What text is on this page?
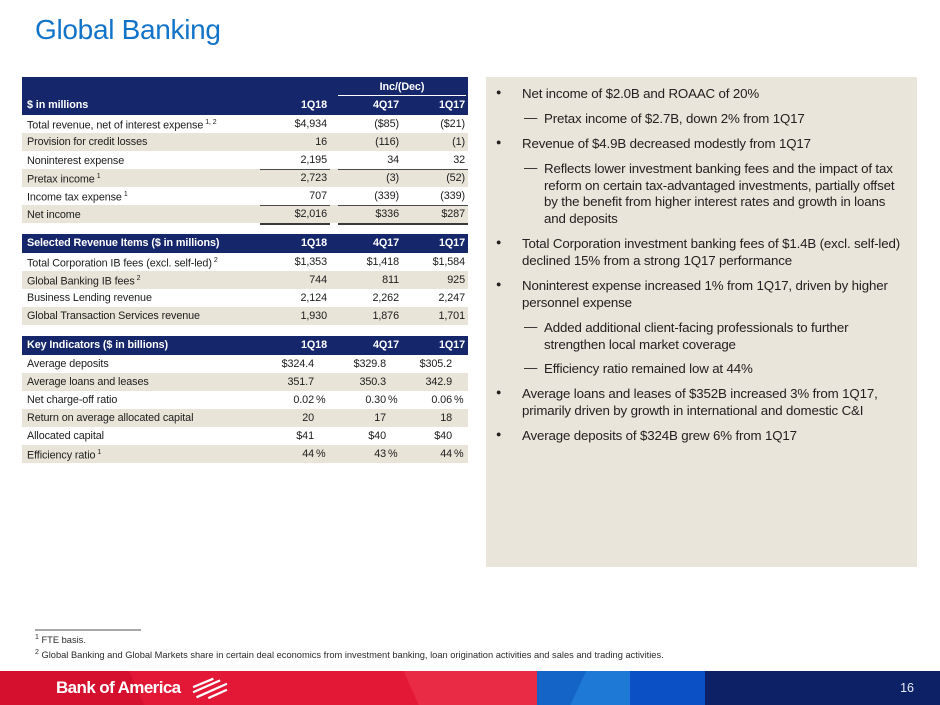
Global Banking
Inc/(Dec)
$ in millions	1Q18	4Q17	1Q17
Total revenue, net of interest expense $^{1, 2}$	$4,934	($85)	($21)
Provision for credit losses	16	(116)	(1)
Noninterest expense	2,195	34	32
Pretax income $^1$	2,723	(3)	(52)
Income tax expense $^1$	707	(339)	(339)
Net income	$2,016	$336	$287
Selected Revenue Items ($ in millions)	1Q18	4Q17	1Q17
Total Corporation IB fees (excl. self-led) $^2$	$1,353	$1,418	$1,584
Global Banking IB fees $^2$	744	811	925
Business Lending revenue	2,124	2,262	2,247
Global Transaction Services revenue	1,930	1,876	1,701
Key Indicators ($ in billions)	1Q18	4Q17	1Q17
Average deposits	$324.4	$329.8	$305.2
Average loans and leases	351.7	350.3	342.9
Net charge-off ratio	0.02 %	0.30 %	0.06 %
Return on average allocated capital	20	17	18
Allocated capital	$41	$40	$40
Efficiency ratio $^1$	44 %	43 %	44 %
● Net income of $2.0B and ROAAC of 20%
— Pretax income of $2.7B, down 2% from 1Q17
● Revenue of $4.9B decreased modestly from 1Q17
— Reflects lower investment banking fees and the impact of tax reform on certain tax-advantaged investments, partially offset by the benefit from higher interest rates and growth in loans and deposits
● Total Corporation investment banking fees of $1.4B (excl. self-led) declined 15% from a strong 1Q17 performance
● Noninterest expense increased 1% from 1Q17, driven by higher personnel expense
— Added additional client-facing professionals to further strengthen local market coverage
— Efficiency ratio remained low at 44%
● Average loans and leases of $352B increased 3% from 1Q17, primarily driven by growth in international and domestic C&I
● Average deposits of $324B grew 6% from 1Q17
$^1$ FTE basis.
$^2$ Global Banking and Global Markets share in certain deal economics from investment banking, loan origination activities and sales and trading activities.
Bank of America	16
